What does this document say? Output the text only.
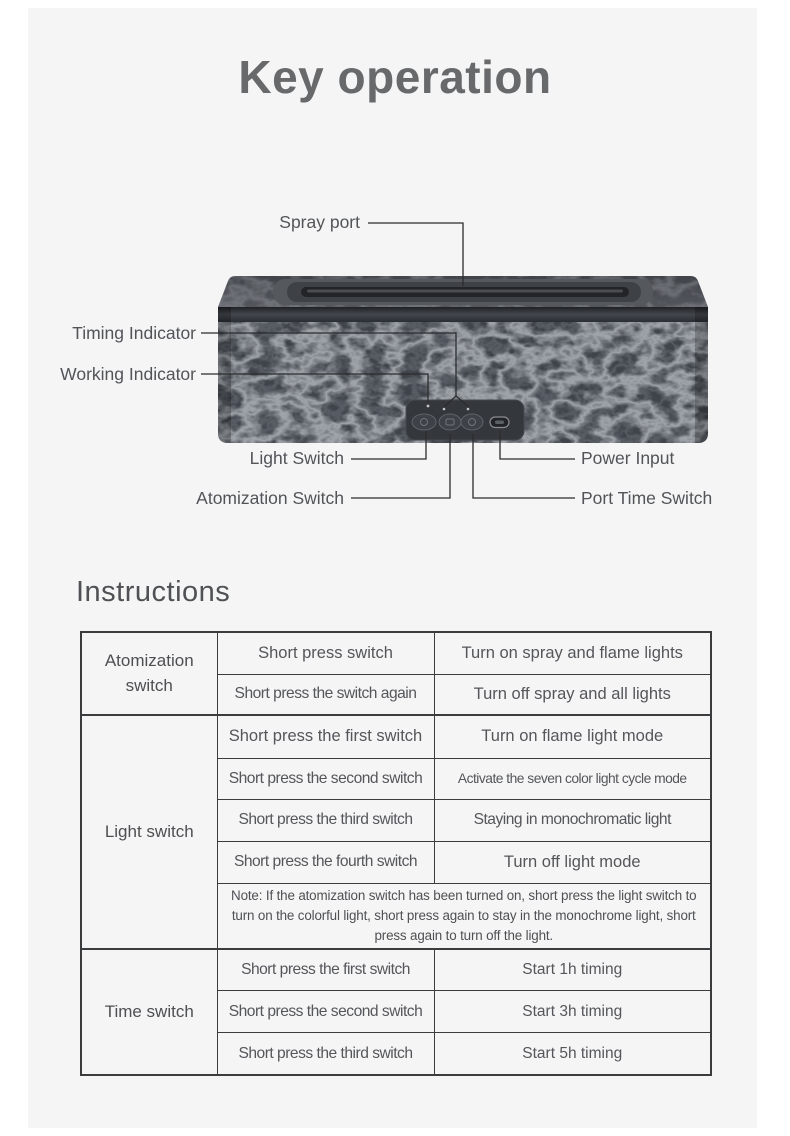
Key operation
Spray port
Timing Indicator
Working Indicator
Light Switch
Atomization Switch
Power Input
Port Time Switch
Instructions
Atomization switch	Short press switch	Turn on spray and flame lights
	Short press the switch again	Turn off spray and all lights
Light switch	Short press the first switch	Turn on flame light mode
	Short press the second switch	Activate the seven color light cycle mode
	Short press the third switch	Staying in monochromatic light
	Short press the fourth switch	Turn off light mode
	Note: If the atomization switch has been turned on, short press the light switch to turn on the colorful light, short press again to stay in the monochrome light, short press again to turn off the light.	
Time switch	Short press the first switch	Start 1h timing
	Short press the second switch	Start 3h timing
	Short press the third switch	Start 5h timing
